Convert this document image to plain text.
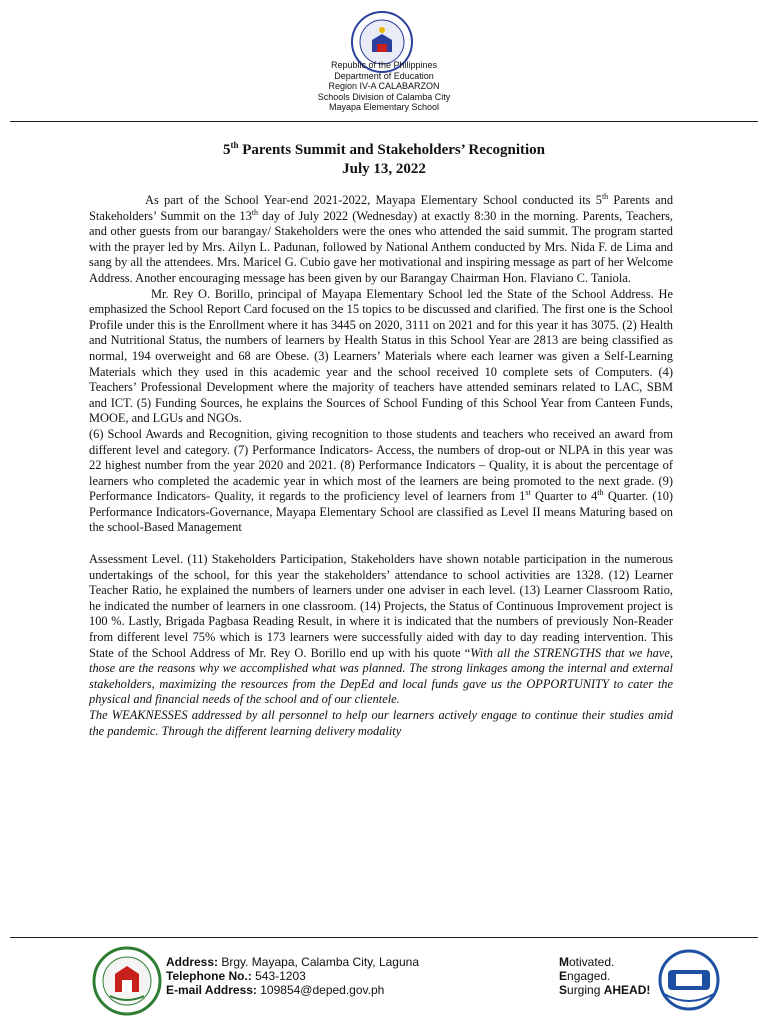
Republic of the Philippines
Department of Education
Region IV-A CALABARZON
Schools Division of Calamba City
Mayapa Elementary School
5th Parents Summit and Stakeholders’ Recognition
July 13, 2022

As part of the School Year-end 2021-2022, Mayapa Elementary School conducted its 5th Parents and Stakeholders’ Summit on the 13th day of July 2022 (Wednesday) at exactly 8:30 in the morning. Parents, Teachers, and other guests from our barangay/ Stakeholders were the ones who attended the said summit. The program started with the prayer led by Mrs. Ailyn L. Padunan, followed by National Anthem conducted by Mrs. Nida F. de Lima and sang by all the attendees. Mrs. Maricel G. Cubio gave her motivational and inspiring message as part of her Welcome Address. Another encouraging message has been given by our Barangay Chairman Hon. Flaviano C. Taniola.

Mr. Rey O. Borillo, principal of Mayapa Elementary School led the State of the School Address. He emphasized the School Report Card focused on the 15 topics to be discussed and clarified. The first one is the School Profile under this is the Enrollment where it has 3445 on 2020, 3111 on 2021 and for this year it has 3075. (2) Health and Nutritional Status, the numbers of learners by Health Status in this School Year are 2813 are being classified as normal, 194 overweight and 68 are Obese. (3) Learners’ Materials where each learner was given a Self-Learning Materials which they used in this academic year and the school received 10 complete sets of Computers. (4) Teachers’ Professional Development where the majority of teachers have attended seminars related to LAC, SBM and ICT. (5) Funding Sources, he explains the Sources of School Funding of this School Year from Canteen Funds, MOOE, and LGUs and NGOs.

(6) School Awards and Recognition, giving recognition to those students and teachers who received an award from different level and category. (7) Performance Indicators- Access, the numbers of drop-out or NLPA in this year was 22 highest number from the year 2020 and 2021. (8) Performance Indicators – Quality, it is about the percentage of learners who completed the academic year in which most of the learners are being promoted to the next grade. (9) Performance Indicators- Quality, it regards to the proficiency level of learners from 1st Quarter to 4th Quarter. (10) Performance Indicators-Governance, Mayapa Elementary School are classified as Level II means Maturing based on the school-Based Management

Assessment Level. (11) Stakeholders Participation, Stakeholders have shown notable participation in the numerous undertakings of the school, for this year the stakeholders’ attendance to school activities are 1328. (12) Learner Teacher Ratio, he explained the numbers of learners under one adviser in each level. (13) Learner Classroom Ratio, he indicated the number of learners in one classroom. (14) Projects, the Status of Continuous Improvement project is 100 %. Lastly, Brigada Pagbasa Reading Result, in where it is indicated that the numbers of previously Non-Reader from different level 75% which is 173 learners were successfully aided with day to day reading intervention. This State of the School Address of Mr. Rey O. Borillo end up with his quote “With all the STRENGTHS that we have, those are the reasons why we accomplished what was planned. The strong linkages among the internal and external stakeholders, maximizing the resources from the DepEd and local funds gave us the OPPORTUNITY to cater the physical and financial needs of the school and of our clientele.

The WEAKNESSES addressed by all personnel to help our learners actively engage to continue their studies amid the pandemic. Through the different learning delivery modality

Address: Brgy. Mayapa, Calamba City, Laguna
Telephone No.: 543-1203
E-mail Address: 109854@deped.gov.ph
Motivated.
Engaged.
Surging AHEAD!
